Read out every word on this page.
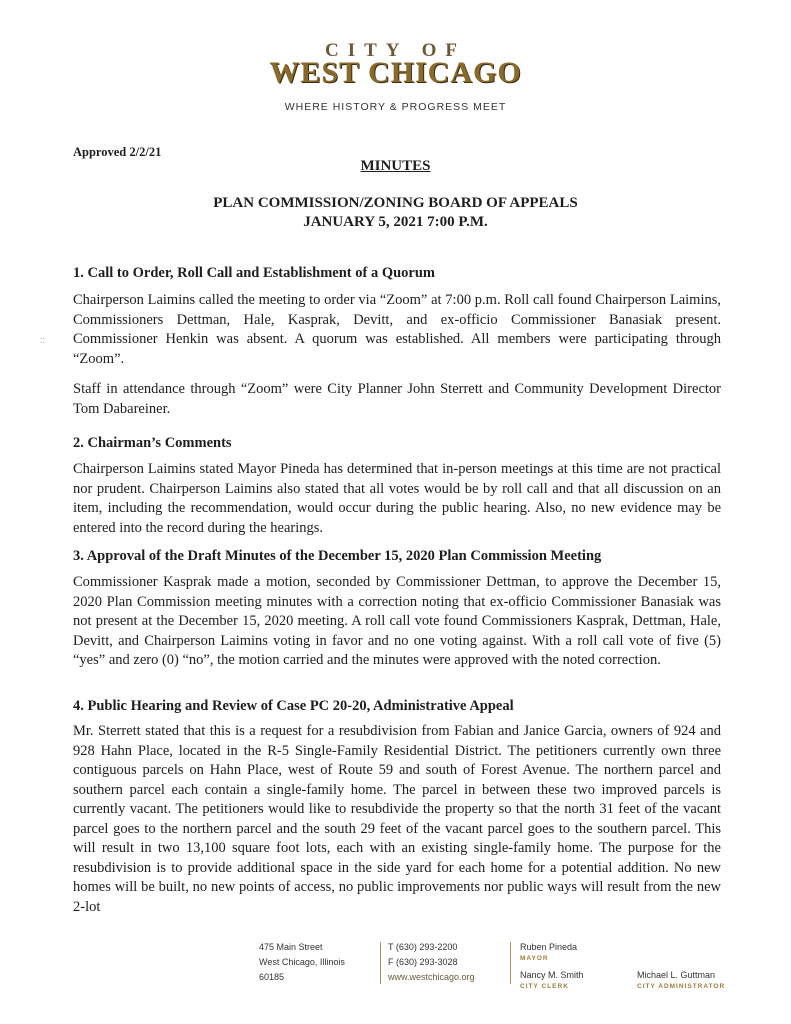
CITY OF
WEST CHICAGO
WHERE HISTORY & PROGRESS MEET
Approved 2/2/21
MINUTES
PLAN COMMISSION/ZONING BOARD OF APPEALS
JANUARY 5, 2021 7:00 P.M.
::
1. Call to Order, Roll Call and Establishment of a Quorum
Chairperson Laimins called the meeting to order via “Zoom” at 7:00 p.m. Roll call found Chairperson Laimins, Commissioners Dettman, Hale, Kasprak, Devitt, and ex-officio Commissioner Banasiak present. Commissioner Henkin was absent. A quorum was established. All members were participating through “Zoom”.
Staff in attendance through “Zoom” were City Planner John Sterrett and Community Development Director Tom Dabareiner.
2. Chairman’s Comments
Chairperson Laimins stated Mayor Pineda has determined that in-person meetings at this time are not practical nor prudent. Chairperson Laimins also stated that all votes would be by roll call and that all discussion on an item, including the recommendation, would occur during the public hearing. Also, no new evidence may be entered into the record during the hearings.
3. Approval of the Draft Minutes of the December 15, 2020 Plan Commission Meeting
Commissioner Kasprak made a motion, seconded by Commissioner Dettman, to approve the December 15, 2020 Plan Commission meeting minutes with a correction noting that ex-officio Commissioner Banasiak was not present at the December 15, 2020 meeting. A roll call vote found Commissioners Kasprak, Dettman, Hale, Devitt, and Chairperson Laimins voting in favor and no one voting against. With a roll call vote of five (5) “yes” and zero (0) “no”, the motion carried and the minutes were approved with the noted correction.
4. Public Hearing and Review of Case PC 20-20, Administrative Appeal
Mr. Sterrett stated that this is a request for a resubdivision from Fabian and Janice Garcia, owners of 924 and 928 Hahn Place, located in the R-5 Single-Family Residential District. The petitioners currently own three contiguous parcels on Hahn Place, west of Route 59 and south of Forest Avenue. The northern parcel and southern parcel each contain a single-family home. The parcel in between these two improved parcels is currently vacant. The petitioners would like to resubdivide the property so that the north 31 feet of the vacant parcel goes to the northern parcel and the south 29 feet of the vacant parcel goes to the southern parcel. This will result in two 13,100 square foot lots, each with an existing single-family home. The purpose for the resubdivision is to provide additional space in the side yard for each home for a potential addition. No new homes will be built, no new points of access, no public improvements nor public ways will result from the new 2-lot
475 Main Street
West Chicago, Illinois
60185
T (630) 293-2200
F (630) 293-3028
www.westchicago.org
Ruben Pineda
MAYOR
Nancy M. Smith
CITY CLERK
Michael L. Guttman
CITY ADMINISTRATOR
